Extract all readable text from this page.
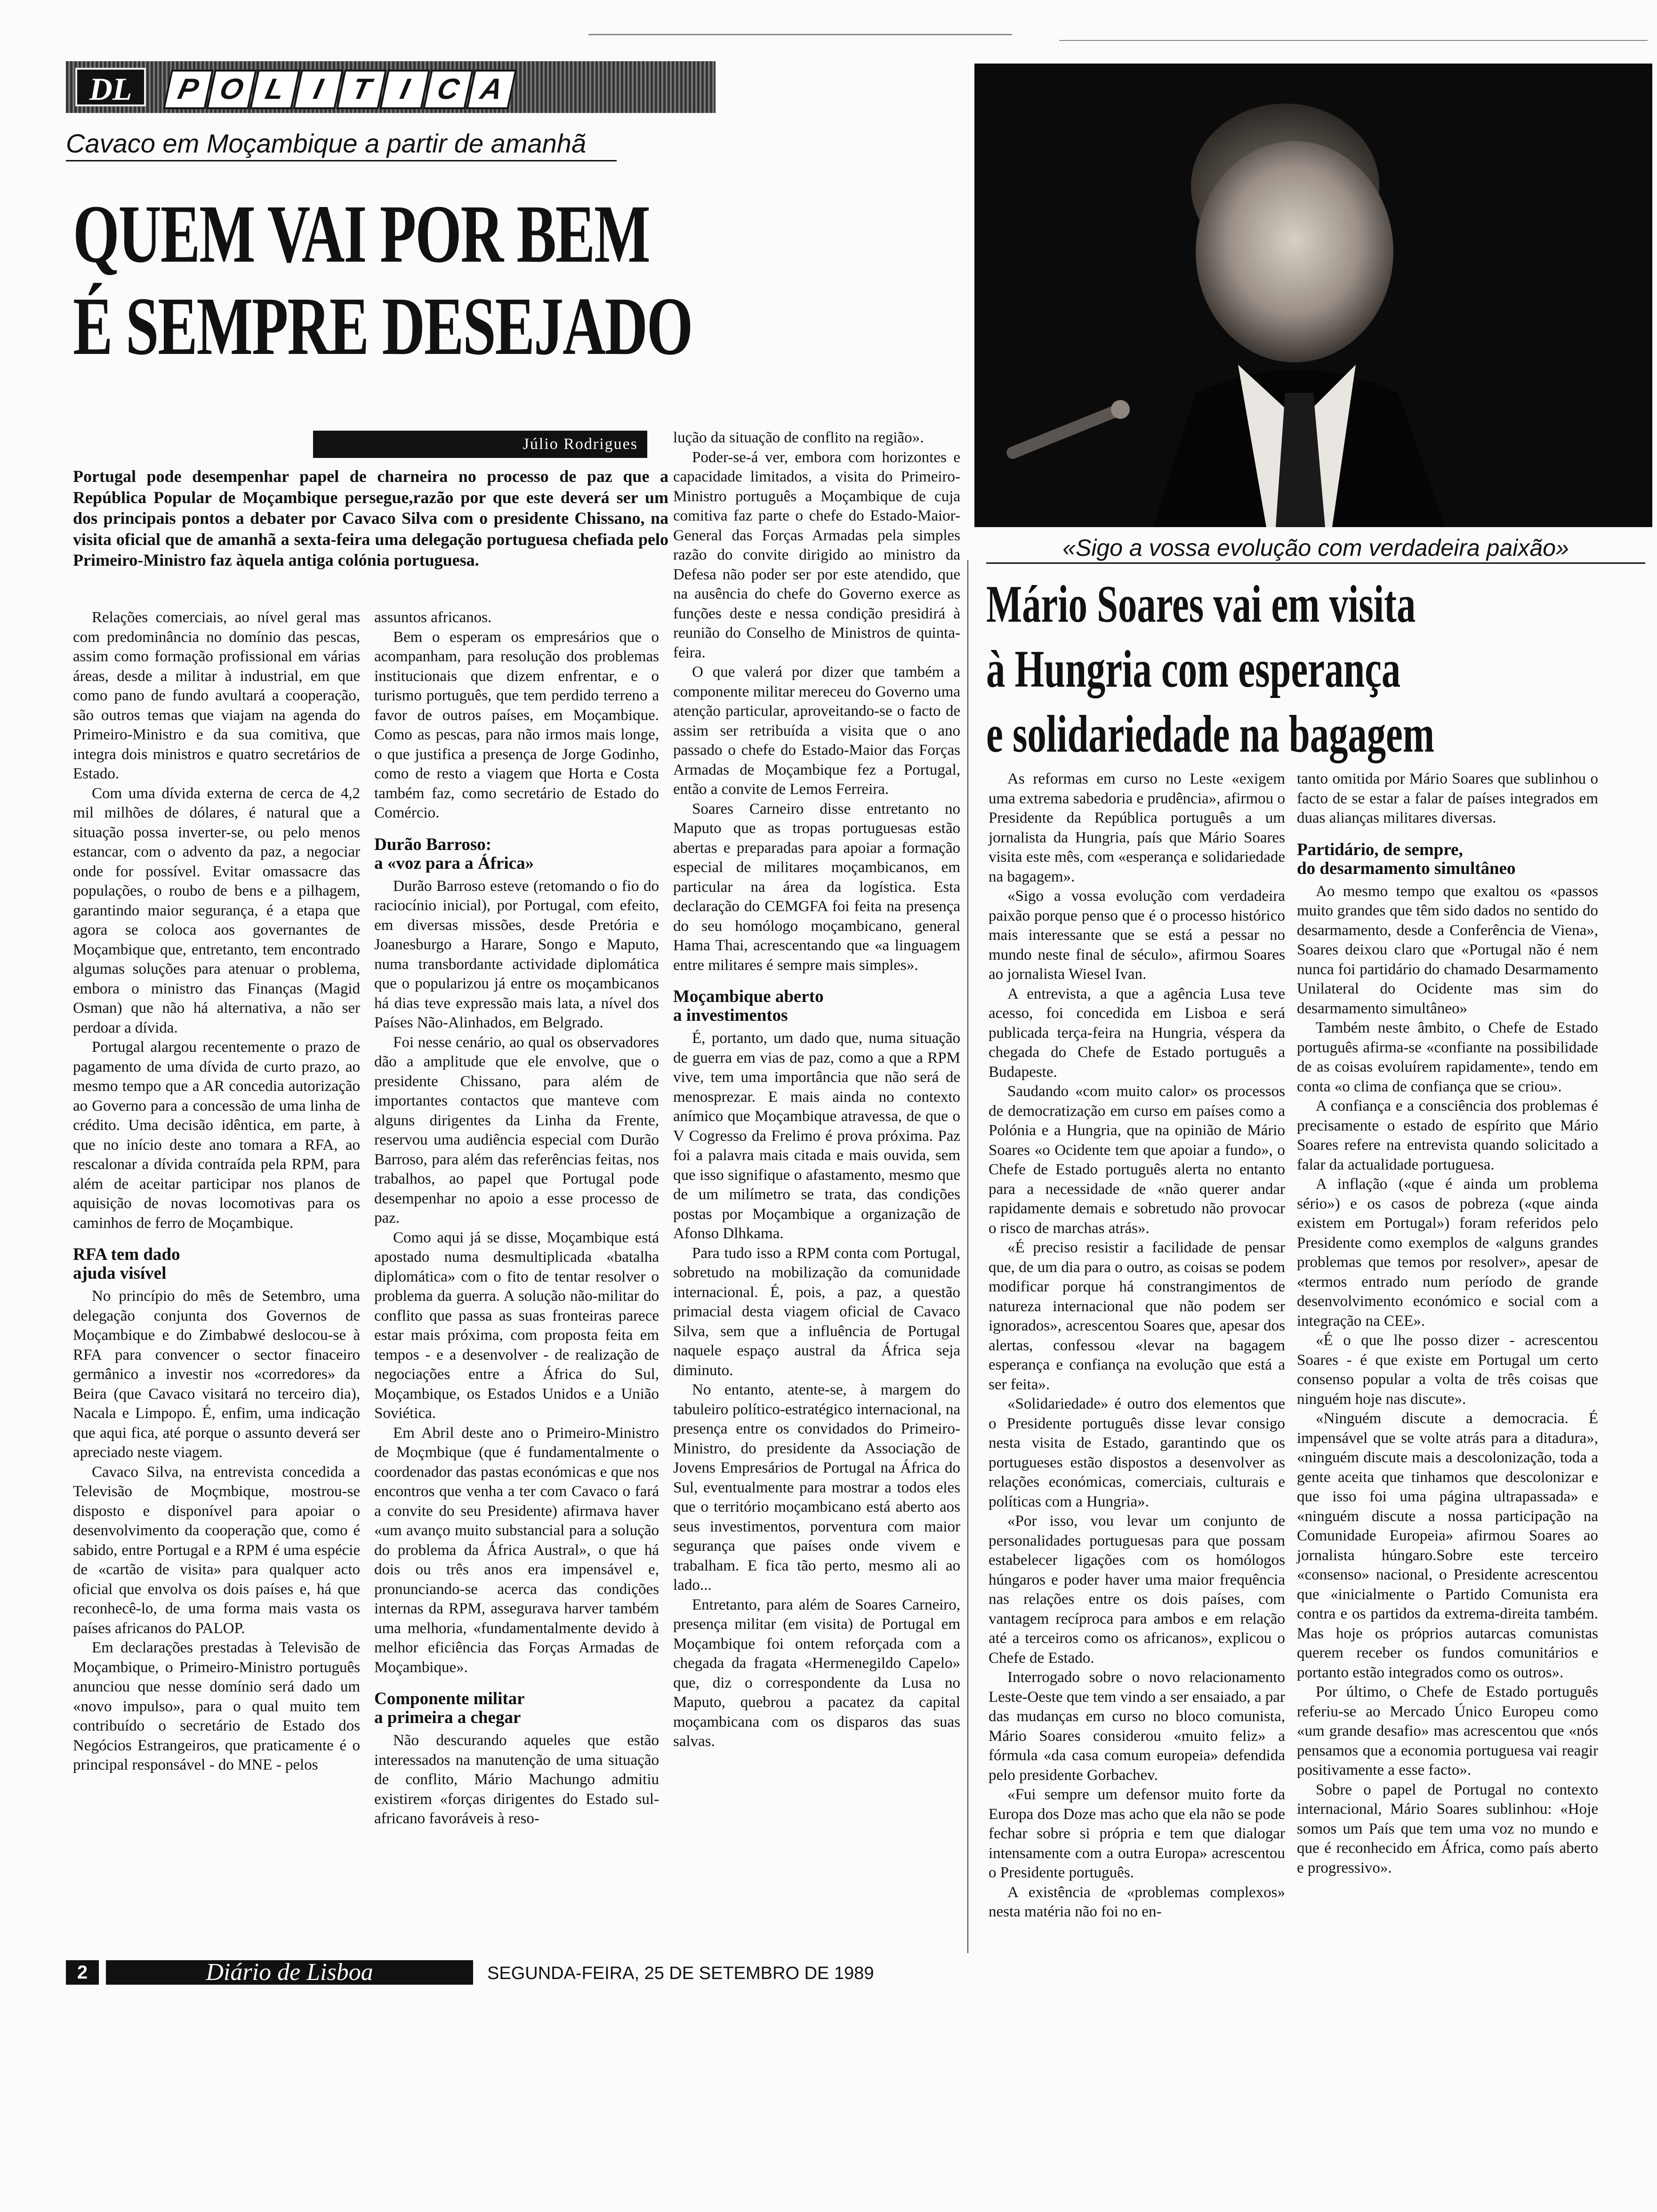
DL	P O L I T I C A
Cavaco em Moçambique a partir de amanhã
QUEM VAI POR BEM
É SEMPRE DESEJADO
Júlio Rodrigues
Portugal pode desempenhar papel de charneira no processo de paz que a República Popular de Moçambique persegue,razão por que este deverá ser um dos principais pontos a debater por Cavaco Silva com o presidente Chissano, na visita oficial que de amanhã a sexta-feira uma delegação portuguesa chefiada pelo Primeiro-Ministro faz àquela antiga colónia portuguesa.

Relações comerciais, ao nível geral mas com predominância no domínio das pescas, assim como formação profissional em várias áreas, desde a militar à industrial, em que como pano de fundo avultará a cooperação, são outros temas que viajam na agenda do Primeiro-Ministro e da sua comitiva, que integra dois ministros e quatro secretários de Estado.

Com uma dívida externa de cerca de 4,2 mil milhões de dólares, é natural que a situação possa inverter-se, ou pelo menos estancar, com o advento da paz, a negociar onde for possível. Evitar omassacre das populações, o roubo de bens e a pilhagem, garantindo maior segurança, é a etapa que agora se coloca aos governantes de Moçambique que, entretanto, tem encontrado algumas soluções para atenuar o problema, embora o ministro das Finanças (Magid Osman) que não há alternativa, a não ser perdoar a dívida.

Portugal alargou recentemente o prazo de pagamento de uma dívida de curto prazo, ao mesmo tempo que a AR concedia autorização ao Governo para a concessão de uma linha de crédito. Uma decisão idêntica, em parte, à que no início deste ano tomara a RFA, ao rescalonar a dívida contraída pela RPM, para além de aceitar participar nos planos de aquisição de novas locomotivas para os caminhos de ferro de Moçambique.

RFA tem dado
ajuda visível

No princípio do mês de Setembro, uma delegação conjunta dos Governos de Moçambique e do Zimbabwé deslocou-se à RFA para convencer o sector finaceiro germânico a investir nos «corredores» da Beira (que Cavaco visitará no terceiro dia), Nacala e Limpopo. É, enfim, uma indicação que aqui fica, até porque o assunto deverá ser apreciado neste viagem.

Cavaco Silva, na entrevista concedida a Televisão de Moçmbique, mostrou-se disposto e disponível para apoiar o desenvolvimento da cooperação que, como é sabido, entre Portugal e a RPM é uma espécie de «cartão de visita» para qualquer acto oficial que envolva os dois países e, há que reconhecê-lo, de uma forma mais vasta os países africanos do PALOP.

Em declarações prestadas à Televisão de Moçambique, o Primeiro-Ministro português anunciou que nesse domínio será dado um «novo impulso», para o qual muito tem contribuído o secretário de Estado dos Negócios Estrangeiros, que praticamente é o principal responsável - do MNE - pelos

assuntos africanos.

Bem o esperam os empresários que o acompanham, para resolução dos problemas institucionais que dizem enfrentar, e o turismo português, que tem perdido terreno a favor de outros países, em Moçambique. Como as pescas, para não irmos mais longe, o que justifica a presença de Jorge Godinho, como de resto a viagem que Horta e Costa também faz, como secretário de Estado do Comércio.

Durão Barroso:
a «voz para a África»

Durão Barroso esteve (retomando o fio do raciocínio inicial), por Portugal, com efeito, em diversas missões, desde Pretória e Joanesburgo a Harare, Songo e Maputo, numa transbordante actividade diplomática que o popularizou já entre os moçambicanos há dias teve expressão mais lata, a nível dos Países Não-Alinhados, em Belgrado.

Foi nesse cenário, ao qual os observadores dão a amplitude que ele envolve, que o presidente Chissano, para além de importantes contactos que manteve com alguns dirigentes da Linha da Frente, reservou uma audiência especial com Durão Barroso, para além das referências feitas, nos trabalhos, ao papel que Portugal pode desempenhar no apoio a esse processo de paz.

Como aqui já se disse, Moçambique está apostado numa desmultiplicada «batalha diplomática» com o fito de tentar resolver o problema da guerra. A solução não-militar do conflito que passa as suas fronteiras parece estar mais próxima, com proposta feita em tempos - e a desenvolver - de realização de negociações entre a África do Sul, Moçambique, os Estados Unidos e a União Soviética.

Em Abril deste ano o Primeiro-Ministro de Moçmbique (que é fundamentalmente o coordenador das pastas económicas e que nos encontros que venha a ter com Cavaco o fará a convite do seu Presidente) afirmava haver «um avanço muito substancial para a solução do problema da África Austral», o que há dois ou três anos era impensável e, pronunciando-se acerca das condições internas da RPM, assegurava harver também uma melhoria, «fundamentalmente devido à melhor eficiência das Forças Armadas de Moçambique».

Componente militar
a primeira a chegar

Não descurando aqueles que estão interessados na manutenção de uma situação de conflito, Mário Machungo admitiu existirem «forças dirigentes do Estado sul-africano favoráveis à reso-

lução da situação de conflito na região».

Poder-se-á ver, embora com horizontes e capacidade limitados, a visita do Primeiro-Ministro português a Moçambique de cuja comitiva faz parte o chefe do Estado-Maior-General das Forças Armadas pela simples razão do convite dirigido ao ministro da Defesa não poder ser por este atendido, que na ausência do chefe do Governo exerce as funções deste e nessa condição presidirá à reunião do Conselho de Ministros de quinta-feira.

O que valerá por dizer que também a componente militar mereceu do Governo uma atenção particular, aproveitando-se o facto de assim ser retribuída a visita que o ano passado o chefe do Estado-Maior das Forças Armadas de Moçambique fez a Portugal, então a convite de Lemos Ferreira.

Soares Carneiro disse entretanto no Maputo que as tropas portuguesas estão abertas e preparadas para apoiar a formação especial de militares moçambicanos, em particular na área da logística. Esta declaração do CEMGFA foi feita na presença do seu homólogo moçambicano, general Hama Thai, acrescentando que «a linguagem entre militares é sempre mais simples».

Moçambique aberto
a investimentos

É, portanto, um dado que, numa situação de guerra em vias de paz, como a que a RPM vive, tem uma importância que não será de menosprezar. E mais ainda no contexto anímico que Moçambique atravessa, de que o V Cogresso da Frelimo é prova próxima. Paz foi a palavra mais citada e mais ouvida, sem que isso signifique o afastamento, mesmo que de um milímetro se trata, das condições postas por Moçambique a organização de Afonso Dlhkama.

Para tudo isso a RPM conta com Portugal, sobretudo na mobilização da comunidade internacional. É, pois, a paz, a questão primacial desta viagem oficial de Cavaco Silva, sem que a influência de Portugal naquele espaço austral da África seja diminuto.

No entanto, atente-se, à margem do tabuleiro político-estratégico internacional, na presença entre os convidados do Primeiro-Ministro, do presidente da Associação de Jovens Empresários de Portugal na África do Sul, eventualmente para mostrar a todos eles que o território moçambicano está aberto aos seus investimentos, porventura com maior segurança que países onde vivem e trabalham. E fica tão perto, mesmo ali ao lado...

Entretanto, para além de Soares Carneiro, presença militar (em visita) de Portugal em Moçambique foi ontem reforçada com a chegada da fragata «Hermenegildo Capelo» que, diz o correspondente da Lusa no Maputo, quebrou a pacatez da capital moçambicana com os disparos das suas salvas.

«Sigo a vossa evolução com verdadeira paixão»
Mário Soares vai em visita
à Hungria com esperança
e solidariedade na bagagem

As reformas em curso no Leste «exigem uma extrema sabedoria e prudência», afirmou o Presidente da República português a um jornalista da Hungria, país que Mário Soares visita este mês, com «esperança e solidariedade na bagagem».

«Sigo a vossa evolução com verdadeira paixão porque penso que é o processo histórico mais interessante que se está a pessar no mundo neste final de século», afirmou Soares ao jornalista Wiesel Ivan.

A entrevista, a que a agência Lusa teve acesso, foi concedida em Lisboa e será publicada terça-feira na Hungria, véspera da chegada do Chefe de Estado português a Budapeste.

Saudando «com muito calor» os processos de democratização em curso em países como a Polónia e a Hungria, que na opinião de Mário Soares «o Ocidente tem que apoiar a fundo», o Chefe de Estado português alerta no entanto para a necessidade de «não querer andar rapidamente demais e sobretudo não provocar o risco de marchas atrás».

«É preciso resistir a facilidade de pensar que, de um dia para o outro, as coisas se podem modificar porque há constrangimentos de natureza internacional que não podem ser ignorados», acrescentou Soares que, apesar dos alertas, confessou «levar na bagagem esperança e confiança na evolução que está a ser feita».

«Solidariedade» é outro dos elementos que o Presidente português disse levar consigo nesta visita de Estado, garantindo que os portugueses estão dispostos a desenvolver as relações económicas, comerciais, culturais e políticas com a Hungria».

«Por isso, vou levar um conjunto de personalidades portuguesas para que possam estabelecer ligações com os homólogos húngaros e poder haver uma maior frequência nas relações entre os dois países, com vantagem recíproca para ambos e em relação até a terceiros como os africanos», explicou o Chefe de Estado.

Interrogado sobre o novo relacionamento Leste-Oeste que tem vindo a ser ensaiado, a par das mudanças em curso no bloco comunista, Mário Soares considerou «muito feliz» a fórmula «da casa comum europeia» defendida pelo presidente Gorbachev.

«Fui sempre um defensor muito forte da Europa dos Doze mas acho que ela não se pode fechar sobre si própria e tem que dialogar intensamente com a outra Europa» acrescentou o Presidente português.

A existência de «problemas complexos» nesta matéria não foi no en-

tanto omitida por Mário Soares que sublinhou o facto de se estar a falar de países integrados em duas alianças militares diversas.

Partidário, de sempre,
do desarmamento simultâneo

Ao mesmo tempo que exaltou os «passos muito grandes que têm sido dados no sentido do desarmamento, desde a Conferência de Viena», Soares deixou claro que «Portugal não é nem nunca foi partidário do chamado Desarmamento Unilateral do Ocidente mas sim do desarmamento simultâneo»

Também neste âmbito, o Chefe de Estado português afirma-se «confiante na possibilidade de as coisas evoluírem rapidamente», tendo em conta «o clima de confiança que se criou».

A confiança e a consciência dos problemas é precisamente o estado de espírito que Mário Soares refere na entrevista quando solicitado a falar da actualidade portuguesa.

A inflação («que é ainda um problema sério») e os casos de pobreza («que ainda existem em Portugal») foram referidos pelo Presidente como exemplos de «alguns grandes problemas que temos por resolver», apesar de «termos entrado num período de grande desenvolvimento económico e social com a integração na CEE».

«É o que lhe posso dizer - acrescentou Soares - é que existe em Portugal um certo consenso popular a volta de três coisas que ninguém hoje nas discute».

«Ninguém discute a democracia. É impensável que se volte atrás para a ditadura», «ninguém discute mais a descolonização, toda a gente aceita que tinhamos que descolonizar e que isso foi uma página ultrapassada» e «ninguém discute a nossa participação na Comunidade Europeia» afirmou Soares ao jornalista húngaro.Sobre este terceiro «consenso» nacional, o Presidente acrescentou que «inicialmente o Partido Comunista era contra e os partidos da extrema-direita também. Mas hoje os próprios autarcas comunistas querem receber os fundos comunitários e portanto estão integrados como os outros».

Por último, o Chefe de Estado português referiu-se ao Mercado Único Europeu como «um grande desafio» mas acrescentou que «nós pensamos que a economia portuguesa vai reagir positivamente a esse facto».

Sobre o papel de Portugal no contexto internacional, Mário Soares sublinhou: «Hoje somos um País que tem uma voz no mundo e que é reconhecido em África, como país aberto e progressivo».

2	Diário de Lisboa	SEGUNDA-FEIRA, 25 DE SETEMBRO DE 1989
